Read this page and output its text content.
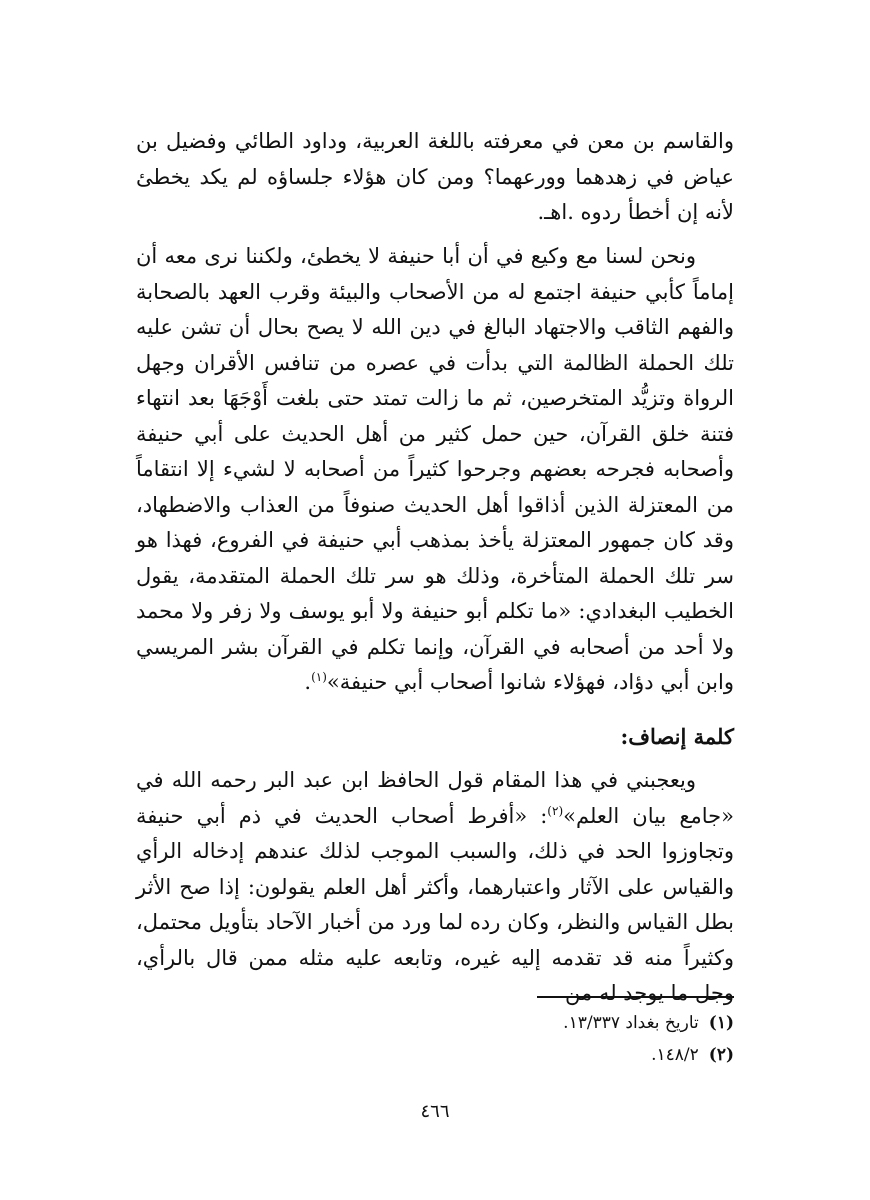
والقاسم بن معن في معرفته باللغة العربية، وداود الطائي وفضيل بن عياض في زهدهما وورعهما؟ ومن كان هؤلاء جلساؤه لم يكد يخطئ لأنه إن أخطأ ردوه .اهـ.

ونحن لسنا مع وكيع في أن أبا حنيفة لا يخطئ، ولكننا نرى معه أن إماماً كأبي حنيفة اجتمع له من الأصحاب والبيئة وقرب العهد بالصحابة والفهم الثاقب والاجتهاد البالغ في دين الله لا يصح بحال أن تشن عليه تلك الحملة الظالمة التي بدأت في عصره من تنافس الأقران وجهل الرواة وتزيُّد المتخرصين، ثم ما زالت تمتد حتى بلغت أَوْجَهَا بعد انتهاء فتنة خلق القرآن، حين حمل كثير من أهل الحديث على أبي حنيفة وأصحابه فجرحه بعضهم وجرحوا كثيراً من أصحابه لا لشيء إلا انتقاماً من المعتزلة الذين أذاقوا أهل الحديث صنوفاً من العذاب والاضطهاد، وقد كان جمهور المعتزلة يأخذ بمذهب أبي حنيفة في الفروع، فهذا هو سر تلك الحملة المتأخرة، وذلك هو سر تلك الحملة المتقدمة، يقول الخطيب البغدادي: «ما تكلم أبو حنيفة ولا أبو يوسف ولا زفر ولا محمد ولا أحد من أصحابه في القرآن، وإنما تكلم في القرآن بشر المريسي وابن أبي دؤاد، فهؤلاء شانوا أصحاب أبي حنيفة»$^{(١)}$.

كلمة إنصاف:

ويعجبني في هذا المقام قول الحافظ ابن عبد البر رحمه الله في «جامع بيان العلم»$^{(٢)}$: «أفرط أصحاب الحديث في ذم أبي حنيفة وتجاوزوا الحد في ذلك، والسبب الموجب لذلك عندهم إدخاله الرأي والقياس على الآثار واعتبارهما، وأكثر أهل العلم يقولون: إذا صح الأثر بطل القياس والنظر، وكان رده لما ورد من أخبار الآحاد بتأويل محتمل، وكثيراً منه قد تقدمه إليه غيره، وتابعه عليه مثله ممن قال بالرأي، وجل ما يوجد له من

(١)تاريخ بغداد ١٣/٣٣٧.
(٢)١٤٨/٢.
٤٦٦
